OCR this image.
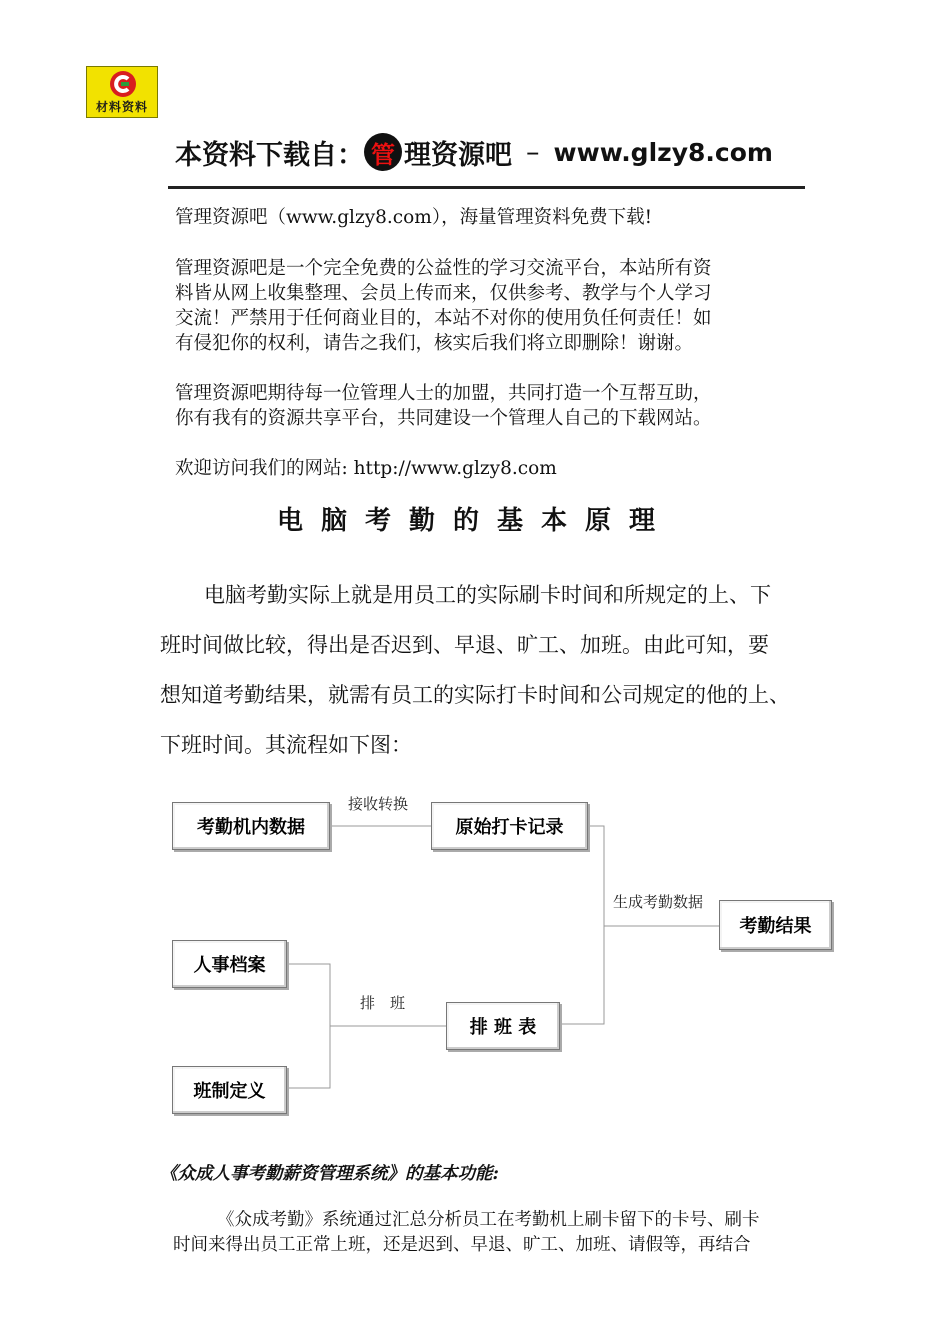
材料资料
本资料下载自： 管 理资源吧 – www.glzy8.com

管理资源吧（www.glzy8.com），海量管理资料免费下载!

管理资源吧是一个完全免费的公益性的学习交流平台，本站所有资
料皆从网上收集整理、会员上传而来，仅供参考、教学与个人学习
交流！严禁用于任何商业目的，本站不对你的使用负任何责任！如
有侵犯你的权利，请告之我们，核实后我们将立即删除！谢谢。
管理资源吧期待每一位管理人士的加盟，共同打造一个互帮互助，
你有我有的资源共享平台，共同建设一个管理人自己的下载网站。

欢迎访问我们的网站: http://www.glzy8.com

电脑考勤的基本原理
电脑考勤实际上就是用员工的实际刷卡时间和所规定的上、下
班时间做比较，得出是否迟到、早退、旷工、加班。由此可知，要
想知道考勤结果，就需有员工的实际打卡时间和公司规定的他的上、
下班时间。其流程如下图：
考勤机内数据	原始打卡记录
考勤结果
人事档案
排 班 表
班制定义
接收转换
生成考勤数据
排　班
《众成人事考勤薪资管理系统》的基本功能:
《众成考勤》系统通过汇总分析员工在考勤机上刷卡留下的卡号、刷卡
时间来得出员工正常上班，还是迟到、早退、旷工、加班、请假等，再结合
